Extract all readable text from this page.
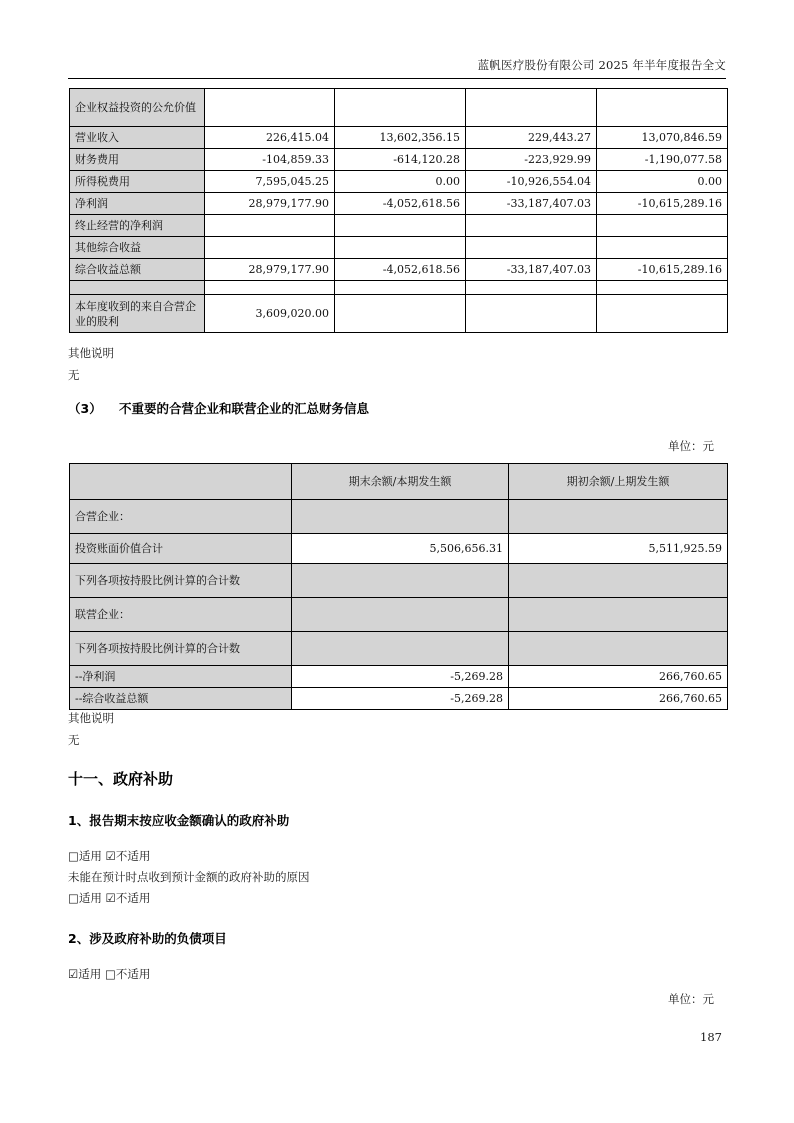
蓝帆医疗股份有限公司 2025 年半年度报告全文
企业权益投资的公允价值				
营业收入	226,415.04	13,602,356.15	229,443.27	13,070,846.59
财务费用	-104,859.33	-614,120.28	-223,929.99	-1,190,077.58
所得税费用	7,595,045.25	0.00	-10,926,554.04	0.00
净利润	28,979,177.90	-4,052,618.56	-33,187,407.03	-10,615,289.16
终止经营的净利润				
其他综合收益				
综合收益总额	28,979,177.90	-4,052,618.56	-33,187,407.03	-10,615,289.16

本年度收到的来自合营企业的股利	3,609,020.00			
其他说明
无
（3） 不重要的合营企业和联营企业的汇总财务信息
单位：元
	期末余额/本期发生额	期初余额/上期发生额
合营企业：		
投资账面价值合计	5,506,656.31	5,511,925.59
下列各项按持股比例计算的合计数		
联营企业：		
下列各项按持股比例计算的合计数		
--净利润	-5,269.28	266,760.65
--综合收益总额	-5,269.28	266,760.65
其他说明
无
十一、政府补助
1、报告期末按应收金额确认的政府补助
□适用 ☑不适用
未能在预计时点收到预计金额的政府补助的原因
□适用 ☑不适用
2、涉及政府补助的负债项目
☑适用 □不适用
单位：元
187
